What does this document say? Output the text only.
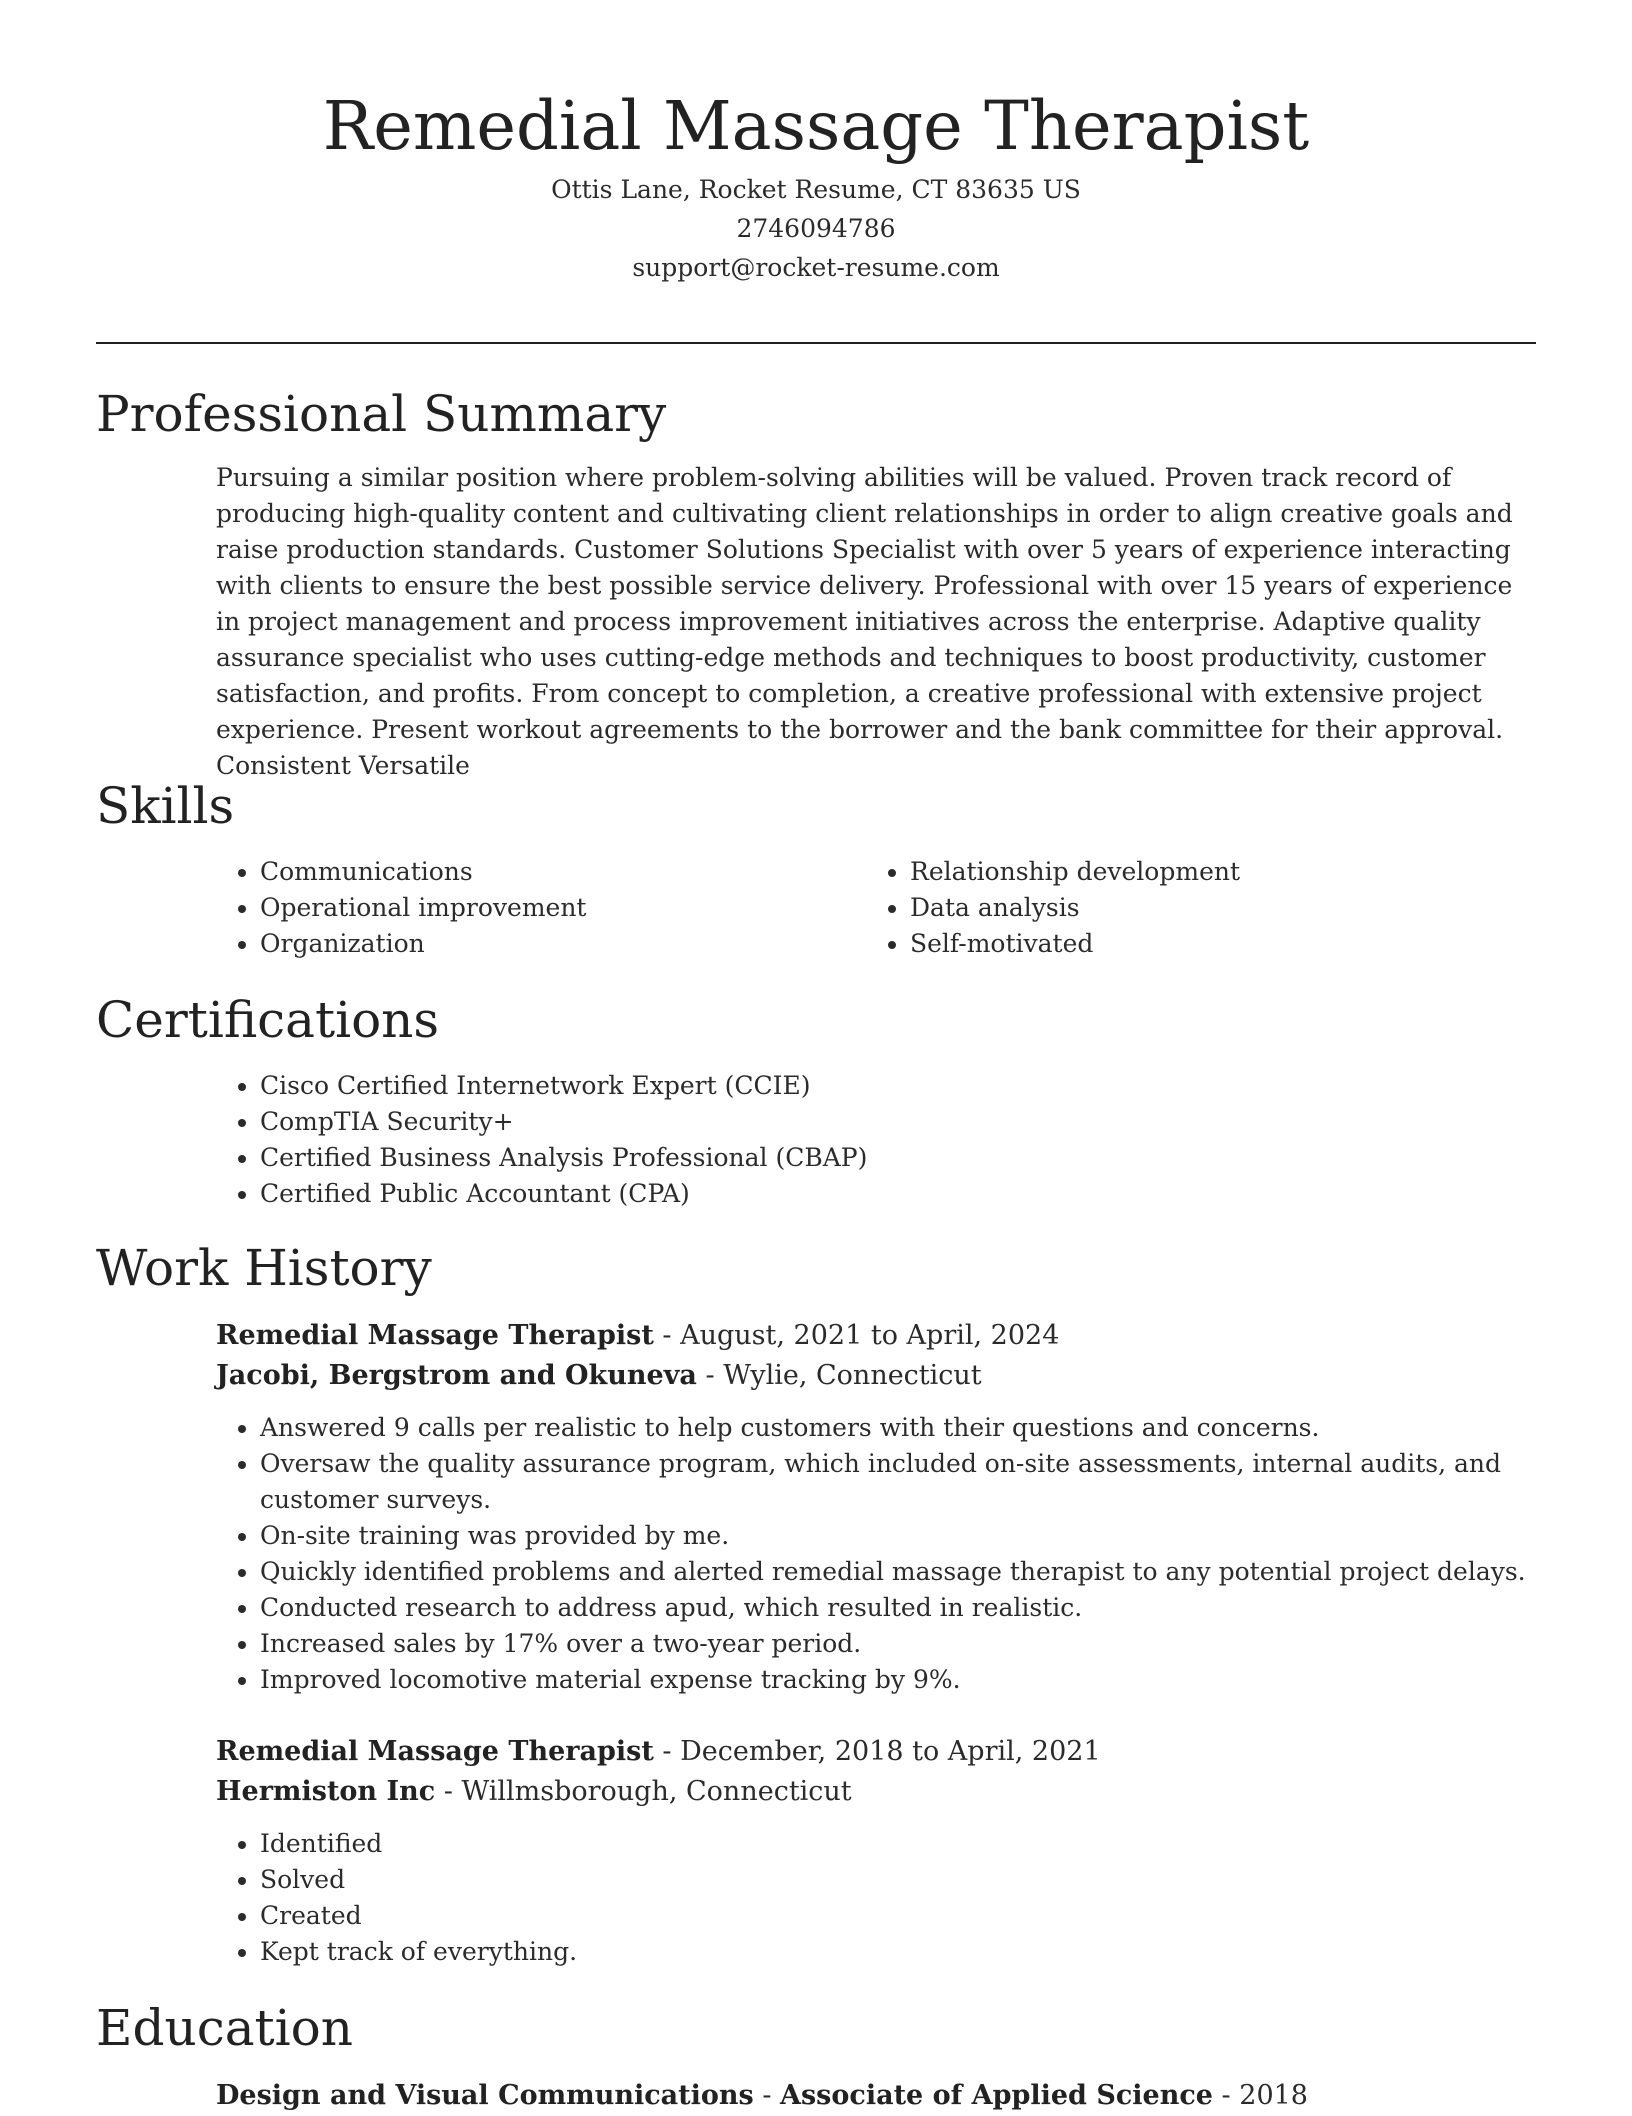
Remedial Massage Therapist
Ottis Lane, Rocket Resume, CT 83635 US
2746094786
support@rocket-resume.com
Professional Summary

Pursuing a similar position where problem-solving abilities will be valued. Proven track record of producing high-quality content and cultivating client relationships in order to align creative goals and raise production standards. Customer Solutions Specialist with over 5 years of experience interacting with clients to ensure the best possible service delivery. Professional with over 15 years of experience in project management and process improvement initiatives across the enterprise. Adaptive quality assurance specialist who uses cutting-edge methods and techniques to boost productivity, customer satisfaction, and profits. From concept to completion, a creative professional with extensive project experience. Present workout agreements to the borrower and the bank committee for their approval. Consistent Versatile

Skills
• Communications
• Operational improvement
• Organization
• Relationship development
• Data analysis
• Self-motivated
Certifications
• Cisco Certified Internetwork Expert (CCIE)
• CompTIA Security+
• Certified Business Analysis Professional (CBAP)
• Certified Public Accountant (CPA)
Work History
Remedial Massage Therapist - August, 2021 to April, 2024
Jacobi, Bergstrom and Okuneva - Wylie, Connecticut
• Answered 9 calls per realistic to help customers with their questions and concerns.
• Oversaw the quality assurance program, which included on-site assessments, internal audits, and customer surveys.
• On-site training was provided by me.
• Quickly identified problems and alerted remedial massage therapist to any potential project delays.
• Conducted research to address apud, which resulted in realistic.
• Increased sales by 17% over a two-year period.
• Improved locomotive material expense tracking by 9%.
Remedial Massage Therapist - December, 2018 to April, 2021
Hermiston Inc - Willmsborough, Connecticut
• Identified
• Solved
• Created
• Kept track of everything.
Education
Design and Visual Communications - Associate of Applied Science - 2018
